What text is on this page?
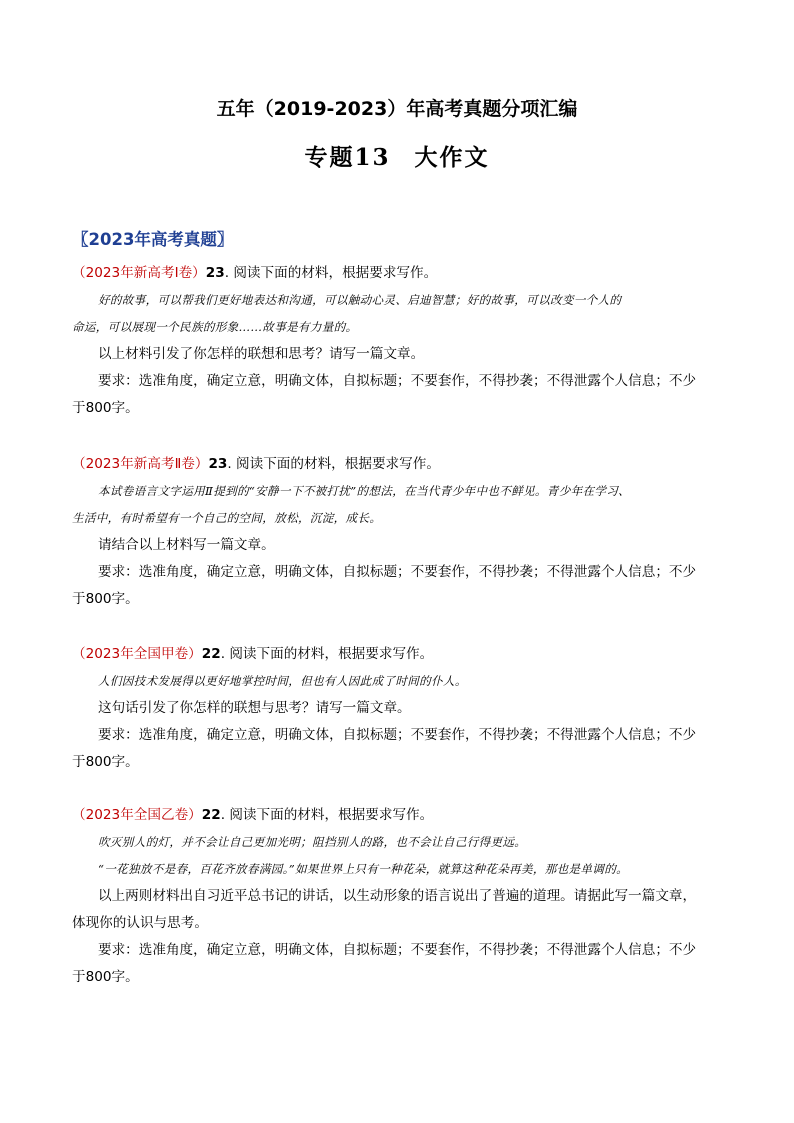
五年（2019-2023）年高考真题分项汇编
专题13 大作文
〖2023年高考真题〗
（2023年新高考Ⅰ卷）23. 阅读下面的材料，根据要求写作。
好的故事，可以帮我们更好地表达和沟通，可以触动心灵、启迪智慧；好的故事，可以改变一个人的
命运，可以展现一个民族的形象……故事是有力量的。
以上材料引发了你怎样的联想和思考？请写一篇文章。
要求：选准角度，确定立意，明确文体，自拟标题；不要套作，不得抄袭；不得泄露个人信息；不少
于800字。
（2023年新高考Ⅱ卷）23. 阅读下面的材料，根据要求写作。
本试卷语言文字运用Ⅱ提到的“安静一下不被打扰”的想法，在当代青少年中也不鲜见。青少年在学习、
生活中，有时希望有一个自己的空间，放松，沉淀，成长。
请结合以上材料写一篇文章。
要求：选准角度，确定立意，明确文体，自拟标题；不要套作，不得抄袭；不得泄露个人信息；不少
于800字。
（2023年全国甲卷）22. 阅读下面的材料，根据要求写作。
人们因技术发展得以更好地掌控时间，但也有人因此成了时间的仆人。
这句话引发了你怎样的联想与思考？请写一篇文章。
要求：选准角度，确定立意，明确文体，自拟标题；不要套作，不得抄袭；不得泄露个人信息；不少
于800字。
（2023年全国乙卷）22. 阅读下面的材料，根据要求写作。
吹灭别人的灯，并不会让自己更加光明；阻挡别人的路，也不会让自己行得更远。
“一花独放不是春，百花齐放春满园。”如果世界上只有一种花朵，就算这种花朵再美，那也是单调的。
以上两则材料出自习近平总书记的讲话，以生动形象的语言说出了普遍的道理。请据此写一篇文章，
体现你的认识与思考。
要求：选准角度，确定立意，明确文体，自拟标题；不要套作，不得抄袭；不得泄露个人信息；不少
于800字。
